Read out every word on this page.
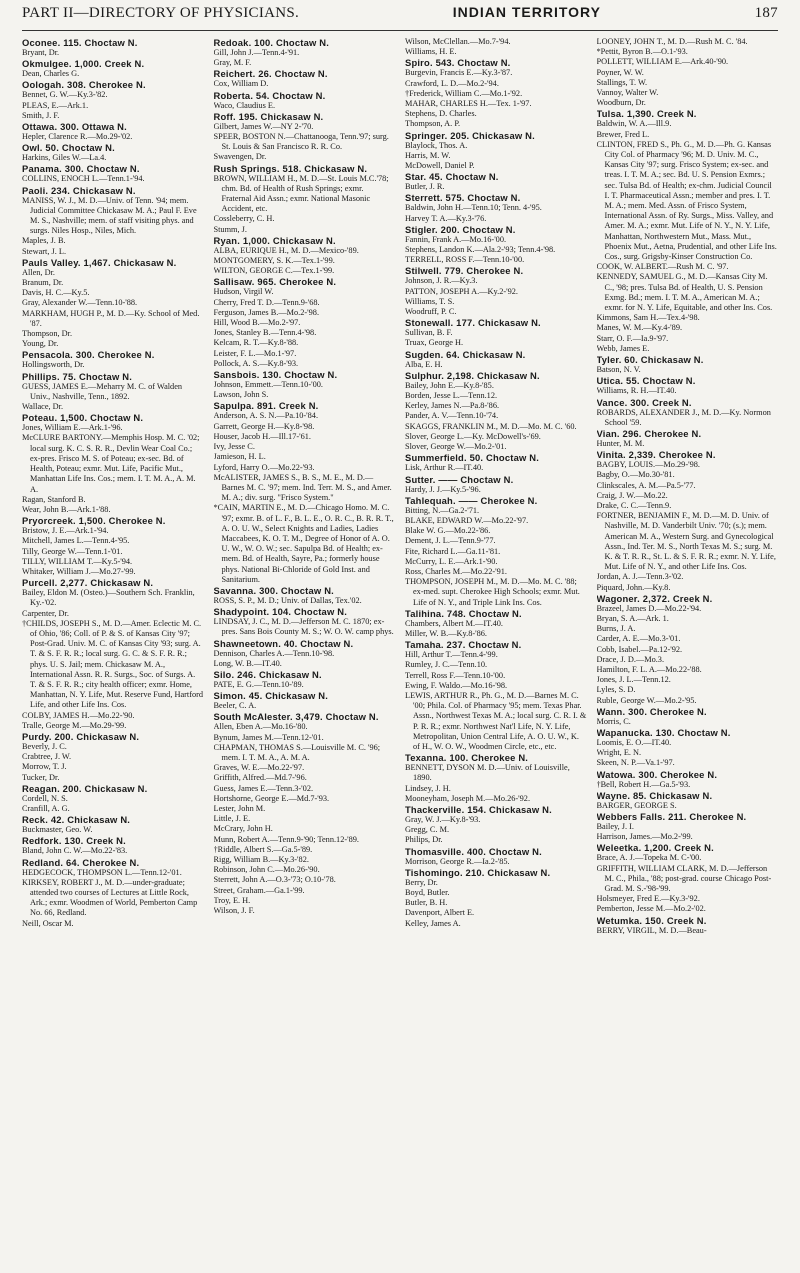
PART II—DIRECTORY OF PHYSICIANS.	INDIAN TERRITORY	187
Oconee. 115. Choctaw N.
Bryant, Dr.
Okmulgee. 1,000. Creek N.
Dean, Charles G.
Oologah. 308. Cherokee N.
Bennet, G. W.—Ky.3-'82.
PLEAS, E.—Ark.1.
Smith, J. F.
Ottawa. 300. Ottawa N.
Hepler, Clarence R.—Mo.29-'02.
Owl. 50. Choctaw N.
Harkins, Giles W.—La.4.
Panama. 300. Choctaw N.
COLLINS, ENOCH L.—Tenn.1-'94.
Paoli. 234. Chickasaw N.
MANISS, W. J., M. D.—Univ. of Tenn. '94; mem. Judicial Committee Chickasaw M. A.; Paul F. Eve M. S., Nashville; mem. of staff visiting phys. and surgs. Niles Hosp., Niles, Mich.
Maples, J. B.
Stewart, J. L.
Pauls Valley. 1,467. Chickasaw N.
Allen, Dr.
Branum, Dr.
Davis, H. C.—Ky.5.
Gray, Alexander W.—Tenn.10-'88.
MARKHAM, HUGH P., M. D.—Ky. School of Med. '87.
Thompson, Dr.
Young, Dr.
Pensacola. 300. Cherokee N.
Hollingsworth, Dr.
Phillips. 75. Choctaw N.
GUESS, JAMES E.—Meharry M. C. of Walden Univ., Nashville, Tenn., 1892.
Wallace, Dr.
Poteau. 1,500. Choctaw N.
Jones, William E.—Ark.1-'96.
McCLURE BARTONY.—Memphis Hosp. M. C. '02; local surg. K. C. S. R. R., Devlin Wear Coal Co.; ex-pres. Frisco M. S. of Poteau; ex-sec. Bd. of Health, Poteau; exmr. Mut. Life, Pacific Mut., Manhattan Life Ins. Cos.; mem. I. T. M. A., A. M. A.
Ragan, Stanford B.
Wear, John B.—Ark.1-'88.
Pryorcreek. 1,500. Cherokee N.
Bristow, J. E.—Ark.1-'94.
Mitchell, James L.—Tenn.4-'95.
Tilly, George W.—Tenn.1-'01.
TILLY, WILLIAM T.—Ky.5-'94.
Whitaker, William J.—Mo.27-'99.
Purcell. 2,277. Chickasaw N.
Bailey, Eldon M. (Osteo.)—Southern Sch. Franklin, Ky.-'02.
Carpenter, Dr.
†CHILDS, JOSEPH S., M. D.—Amer. Eclectic M. C. of Ohio, '86; Coll. of P. & S. of Kansas City '97; Post-Grad. Univ. M. C. of Kansas City '93; surg. A. T. & S. F. R. R.; local surg. G. C. & S. F. R. R.; phys. U. S. Jail; mem. Chickasaw M. A., International Assn. R. R. Surgs., Soc. of Surgs. A. T. & S. F. R. R.; city health officer; exmr. Home, Manhattan, N. Y. Life, Mut. Reserve Fund, Hartford Life, and other Life Ins. Cos.
COLBY, JAMES H.—Mo.22-'90.
Tralle, George M.—Mo.29-'99.
Purdy. 200. Chickasaw N.
Beverly, J. C.
Crabtree, J. W.
Morrow, T. J.
Tucker, Dr.
Reagan. 200. Chickasaw N.
Cordell, N. S.
Cranfill, A. G.
Reck. 42. Chickasaw N.
Buckmaster, Geo. W.
Redfork. 130. Creek N.
Bland, John C. W.—Mo.22-'83.
Redland. 64. Cherokee N.
HEDGECOCK, THOMPSON L.—Tenn.12-'01.
KIRKSEY, ROBERT J., M. D.—under-graduate; attended two courses of Lectures at Little Rock, Ark.; exmr. Woodmen of World, Pemberton Camp No. 66, Redland.
Neill, Oscar M.
Redoak. 100. Choctaw N.
Gill, John J.—Tenn.4-'91.
Gray, M. F.
Reichert. 26. Choctaw N.
Cox, William D.
Roberta. 54. Choctaw N.
Waco, Claudius E.
Roff. 195. Chickasaw N.
Gilbert, James W.—NY 2-'70.
SPEER, BOSTON N.—Chattanooga, Tenn.'97; surg. St. Louis & San Francisco R. R. Co.
Swavengen, Dr.
Rush Springs. 518. Chickasaw N.
BROWN, WILLIAM H., M. D.—St. Louis M.C.'78; chm. Bd. of Health of Rush Springs; exmr. Fraternal Aid Assn.; exmr. National Masonic Accident, etc.
Cossleberry, C. H.
Stumm, J.
Ryan. 1,000. Chickasaw N.
ALBA, EURIQUE H., M. D.—Mexico-'89.
MONTGOMERY, S. K.—Tex.1-'99.
WILTON, GEORGE C.—Tex.1-'99.
Sallisaw. 965. Cherokee N.
Hudson, Virgil W.
Cherry, Fred T. D.—Tenn.9-'68.
Ferguson, James B.—Mo.2-'98.
Hill, Wood B.—Mo.2-'97.
Jones, Stanley B.—Tenn.4-'98.
Kelcam, R. T.—Ky.8-'88.
Leister, F. L.—Mo.1-'97.
Pollock, A. S.—Ky.8-'93.
Sansbois. 130. Choctaw N.
Johnson, Emmett.—Tenn.10-'00.
Lawson, John S.
Sapulpa. 891. Creek N.
Anderson, A. S. N.—Pa.10-'84.
Garrett, George H.—Ky.8-'98.
Houser, Jacob H.—Ill.17-'61.
Ivy, Jesse C.
Jamieson, H. L.
Lyford, Harry O.—Mo.22-'93.
McALISTER, JAMES S., B. S., M. E., M. D.—Barnes M. C. '97; mem. Ind. Terr. M. S., and Amer. M. A.; div. surg. "Frisco System."
*CAIN, MARTIN E., M. D.—Chicago Homo. M. C. '97; exmr. B. of L. F., B. L. E., O. R. C., B. R. R. T., A. O. U. W., Select Knights and Ladies, Ladies Maccabees, K. O. T. M., Degree of Honor of A. O. U. W., W. O. W.; sec. Sapulpa Bd. of Health; ex-mem. Bd. of Health, Sayre, Pa.; formerly house phys. National Bi-Chloride of Gold Inst. and Sanitarium.
Savanna. 300. Choctaw N.
ROSS, S. P., M. D.; Univ. of Dallas, Tex.'02.
Shadypoint. 104. Choctaw N.
LINDSAY, J. C., M. D.—Jefferson M. C. 1870; ex-pres. Sans Bois County M. S.; W. O. W. camp phys.
Shawneetown. 40. Choctaw N.
Dennison, Charles A.—Tenn.10-'98.
Long, W. B.—IT.40.
Silo. 246. Chickasaw N.
PATE, E. G.—Tenn.10-'89.
Simon. 45. Chickasaw N.
Beeler, C. A.
South McAlester. 3,479. Choctaw N.
Allen, Eben A.—Mo.16-'80.
Bynum, James M.—Tenn.12-'01.
CHAPMAN, THOMAS S.—Louisville M. C. '96; mem. I. T. M. A., A. M. A.
Graves, W. E.—Mo.22-'97.
Griffith, Alfred.—Md.7-'96.
Guess, James E.—Tenn.3-'02.
Hortshorne, George E.—Md.7-'93.
Lester, John M.
Little, J. E.
McCrary, John H.
Munn, Robert A.—Tenn.9-'90; Tenn.12-'89.
†Riddle, Albert S.—Ga.5-'89.
Rigg, William B.—Ky.3-'82.
Robinson, John C.—Mo.26-'90.
Sterrett, John A.—O.3-'73; O.10-'78.
Street, Graham.—Ga.1-'99.
Troy, E. H.
Wilson, J. F.
Wilson, McClellan.—Mo.7-'94.
Williams, H. E.
Spiro. 543. Choctaw N.
Burgevin, Francis E.—Ky.3-'87.
Crawford, L. D.—Mo.2-'94.
†Frederick, William C.—Mo.1-'92.
MAHAR, CHARLES H.—Tex. 1-'97.
Stephens, D. Charles.
Thompson, A. P.
Springer. 205. Chickasaw N.
Blaylock, Thos. A.
Harris, M. W.
McDowell, Daniel P.
Star. 45. Choctaw N.
Butler, J. R.
Sterrett. 575. Choctaw N.
Baldwin, John H.—Tenn.10; Tenn. 4-'95.
Harvey T. A.—Ky.3-'76.
Stigler. 200. Choctaw N.
Fannin, Frank A.—Mo.16-'00.
Stephens, Landon K.—Ala.2-'93; Tenn.4-'98.
TERRELL, ROSS F.—Tenn.10-'00.
Stilwell. 779. Cherokee N.
Johnson, J. R.—Ky.3.
PATTON, JOSEPH A.—Ky.2-'92.
Williams, T. S.
Woodruff, P. C.
Stonewall. 177. Chickasaw N.
Sullivan, B. F.
Truax, George H.
Sugden. 64. Chickasaw N.
Alba, E. H.
Sulphur. 2,198. Chickasaw N.
Bailey, John E.—Ky.8-'85.
Borden, Jesse L.—Tenn.12.
Kerley, James N.—Pa.8-'86.
Pander, A. V.—Tenn.10-'74.
SKAGGS, FRANKLIN M., M. D.—Mo. M. C. '60.
Slover, George L.—Ky. McDowell's-'69.
Slover, George W.—Mo.2-'01.
Summerfield. 50. Choctaw N.
Lisk, Arthur R.—IT.40.
Sutter. —— Choctaw N.
Hardy, J. J.—Ky.5-'96.
Tahlequah. —— Cherokee N.
Bitting, N.—Ga.2-'71.
BLAKE, EDWARD W.—Mo.22-'97.
Blake W. G.—Mo.22-'86.
Dement, J. L.—Tenn.9-'77.
Fite, Richard L.—Ga.11-'81.
McCurry, L. E.—Ark.1-'90.
Ross, Charles M.—Mo.22-'91.
THOMPSON, JOSEPH M., M. D.—Mo. M. C. '88; ex-med. supt. Cherokee High Schools; exmr. Mut. Life of N. Y., and Triple Link Ins. Cos.
Talihina. 748. Choctaw N.
Chambers, Albert M.—IT.40.
Miller, W. B.—Ky.8-'86.
Tamaha. 237. Choctaw N.
Hill, Arthur T.—Tenn.4-'99.
Rumley, J. C.—Tenn.10.
Terrell, Ross F.—Tenn.10-'00.
Ewing, F. Waldo.—Mo.16-'98.
LEWIS, ARTHUR R., Ph. G., M. D.—Barnes M. C. '00; Phila. Col. of Pharmacy '95; mem. Texas Phar. Assn., Northwest Texas M. A.; local surg. C. R. I. & P. R. R.; exmr. Northwest Nat'l Life, N. Y. Life, Metropolitan, Union Central Life, A. O. U. W., K. of H., W. O. W., Woodmen Circle, etc., etc.
Texanna. 100. Cherokee N.
BENNETT, DYSON M. D.—Univ. of Louisville, 1890.
Lindsey, J. H.
Mooneyham, Joseph M.—Mo.26-'92.
Thackerville. 154. Chickasaw N.
Gray, W. J.—Ky.8-'93.
Gregg, C. M.
Philips, Dr.
Thomasville. 400. Choctaw N.
Morrison, George R.—Ia.2-'85.
Tishomingo. 210. Chickasaw N.
Berry, Dr.
Boyd, Butler.
Butler, B. H.
Davenport, Albert E.
Kelley, James A.
LOONEY, JOHN T., M. D.—Rush M. C. '84.
*Pettit, Byron B.—O.1-'93.
POLLETT, WILLIAM E.—Ark.40-'90.
Poyner, W. W.
Stallings, T. W.
Vannoy, Walter W.
Woodburn, Dr.
Tulsa. 1,390. Creek N.
Baldwin, W. A.—Ill.9.
Brewer, Fred L.
CLINTON, FRED S., Ph. G., M. D.—Ph. G. Kansas City Col. of Pharmacy '96; M. D. Univ. M. C., Kansas City '97; surg. Frisco System; ex-sec. and treas. I. T. M. A.; sec. Bd. U. S. Pension Exmrs.; sec. Tulsa Bd. of Health; ex-chm. Judicial Council I. T. Pharmaceutical Assn.; member and pres. I. T. M. A.; mem. Med. Assn. of Frisco System, International Assn. of Ry. Surgs., Miss. Valley, and Amer. M. A.; exmr. Mut. Life of N. Y., N. Y. Life, Manhattan, Northwestern Mut., Mass. Mut., Phoenix Mut., Aetna, Prudential, and other Life Ins. Cos., surg. Grigsby-Kinser Construction Co.
COOK, W. ALBERT.—Rush M. C. '97.
KENNEDY, SAMUEL G., M. D.—Kansas City M. C., '98; pres. Tulsa Bd. of Health, U. S. Pension Exmg. Bd.; mem. I. T. M. A., American M. A.; exmr. for N. Y. Life, Equitable, and other Ins. Cos.
Kimmons, Sam H.—Tex.4-'98.
Manes, W. M.—Ky.4-'89.
Starr, O. F.—Ia.9-'97.
Webb, James E.
Tyler. 60. Chickasaw N.
Batson, N. V.
Utica. 55. Choctaw N.
Williams, R. H.—IT.40.
Vance. 300. Creek N.
ROBARDS, ALEXANDER J., M. D.—Ky. Normon School '59.
Vian. 296. Cherokee N.
Hunter, M. M.
Vinita. 2,339. Cherokee N.
BAGBY, LOUIS.—Mo.29-'98.
Bagby, O.—Mo.30-'81.
Clinkscales, A. M.—Pa.5-'77.
Craig, J. W.—Mo.22.
Drake, C. C.—Tenn.9.
FORTNER, BENJAMIN F., M. D.—M. D. Univ. of Nashville, M. D. Vanderbilt Univ. '70; (s.); mem. American M. A., Western Surg. and Gynecological Assn., Ind. Ter. M. S., North Texas M. S.; surg. M. K. & T. R. R., St. L. & S. F. R. R.; exmr. N. Y. Life, Mut. Life of N. Y., and other Life Ins. Cos.
Jordan, A. J.—Tenn.3-'02.
Piquard, John.—Ky.8.
Wagoner. 2,372. Creek N.
Brazeel, James D.—Mo.22-'94.
Bryan, S. A.—Ark. 1.
Burns, J. A.
Carder, A. E.—Mo.3-'01.
Cobb, Isabel.—Pa.12-'92.
Drace, J. D.—Mo.3.
Hamilton, F. L. A.—Mo.22-'88.
Jones, J. L.—Tenn.12.
Lyles, S. D.
Ruble, George W.—Mo.2-'95.
Wann. 300. Cherokee N.
Morris, C.
Wapanucka. 130. Choctaw N.
Loomis, E. O.—IT.40.
Wright, E. N.
Skeen, N. P.—Va.1-'97.
Watowa. 300. Cherokee N.
†Bell, Robert H.—Ga.5-'93.
Wayne. 85. Chickasaw N.
BARGER, GEORGE S.
Webbers Falls. 211. Cherokee N.
Bailey, J. I.
Harrison, James.—Mo.2-'99.
Weleetka. 1,200. Creek N.
Brace, A. J.—Topeka M. C-'00.
GRIFFITH, WILLIAM CLARK, M. D.—Jefferson M. C., Phila., '88; post-grad. course Chicago Post-Grad. M. S.-'98-'99.
Holsmeyer, Fred E.—Ky.3-'92.
Pemberton, Jesse M.—Mo.2-'02.
Wetumka. 150. Creek N.
BERRY, VIRGIL, M. D.—Beau-
